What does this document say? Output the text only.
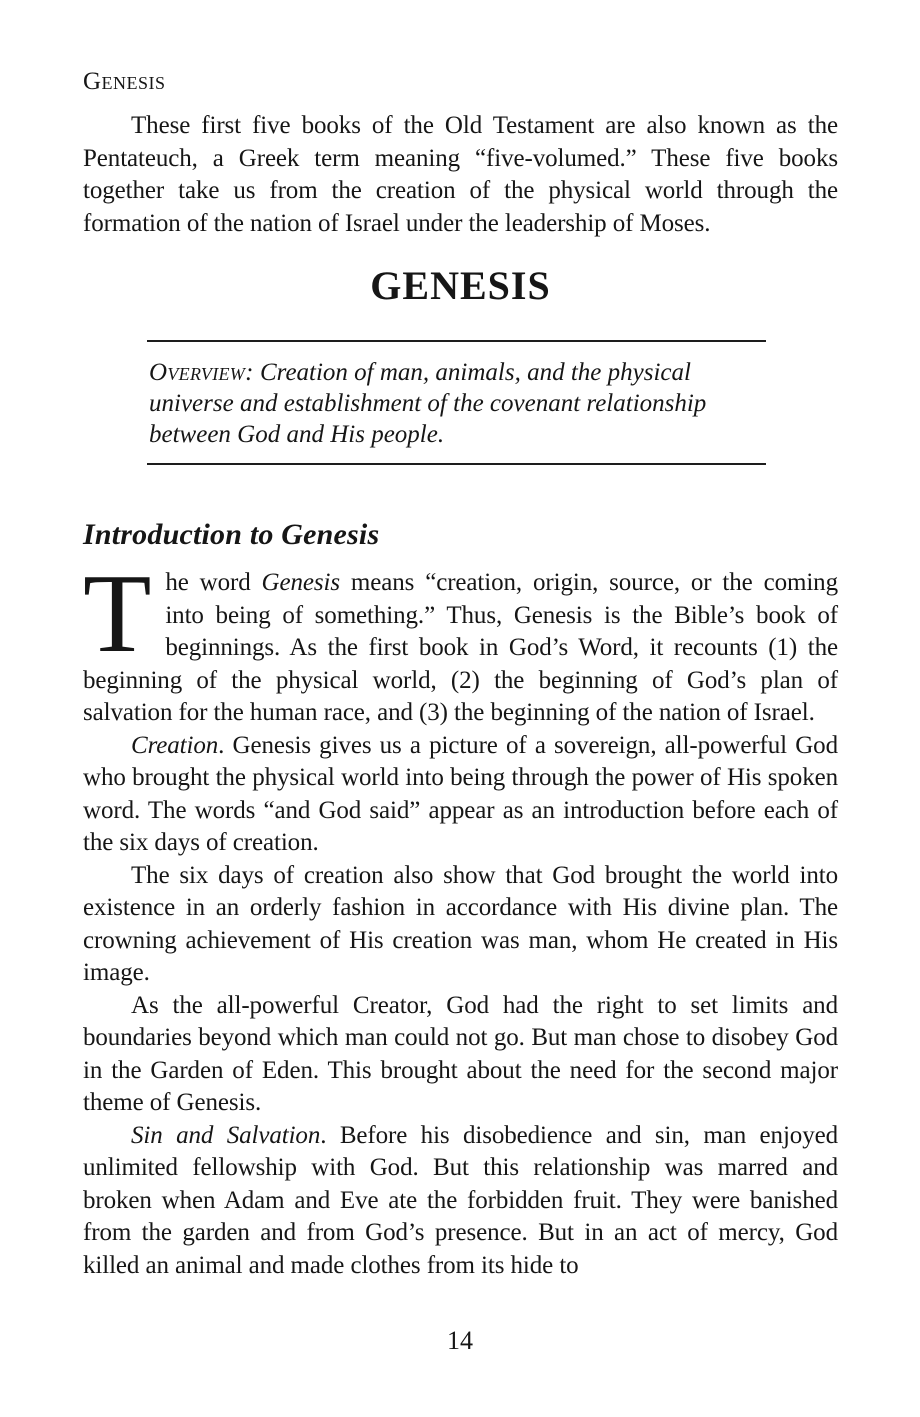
Genesis

These first five books of the Old Testament are also known as the Pentateuch, a Greek term meaning “five-volumed.” These five books together take us from the creation of the physical world through the formation of the nation of Israel under the leadership of Moses.

GENESIS

Overview: Creation of man, animals, and the physical universe and establishment of the covenant relationship between God and His people.

Introduction to Genesis

The word Genesis means “creation, origin, source, or the coming into being of something.” Thus, Genesis is the Bible’s book of beginnings. As the first book in God’s Word, it recounts (1) the beginning of the physical world, (2) the beginning of God’s plan of salvation for the human race, and (3) the beginning of the nation of Israel.

Creation. Genesis gives us a picture of a sovereign, all-powerful God who brought the physical world into being through the power of His spoken word. The words “and God said” appear as an introduction before each of the six days of creation.

The six days of creation also show that God brought the world into existence in an orderly fashion in accordance with His divine plan. The crowning achievement of His creation was man, whom He created in His image.

As the all-powerful Creator, God had the right to set limits and boundaries beyond which man could not go. But man chose to disobey God in the Garden of Eden. This brought about the need for the second major theme of Genesis.

Sin and Salvation. Before his disobedience and sin, man enjoyed unlimited fellowship with God. But this relationship was marred and broken when Adam and Eve ate the forbidden fruit. They were banished from the garden and from God’s presence. But in an act of mercy, God killed an animal and made clothes from its hide to

14
